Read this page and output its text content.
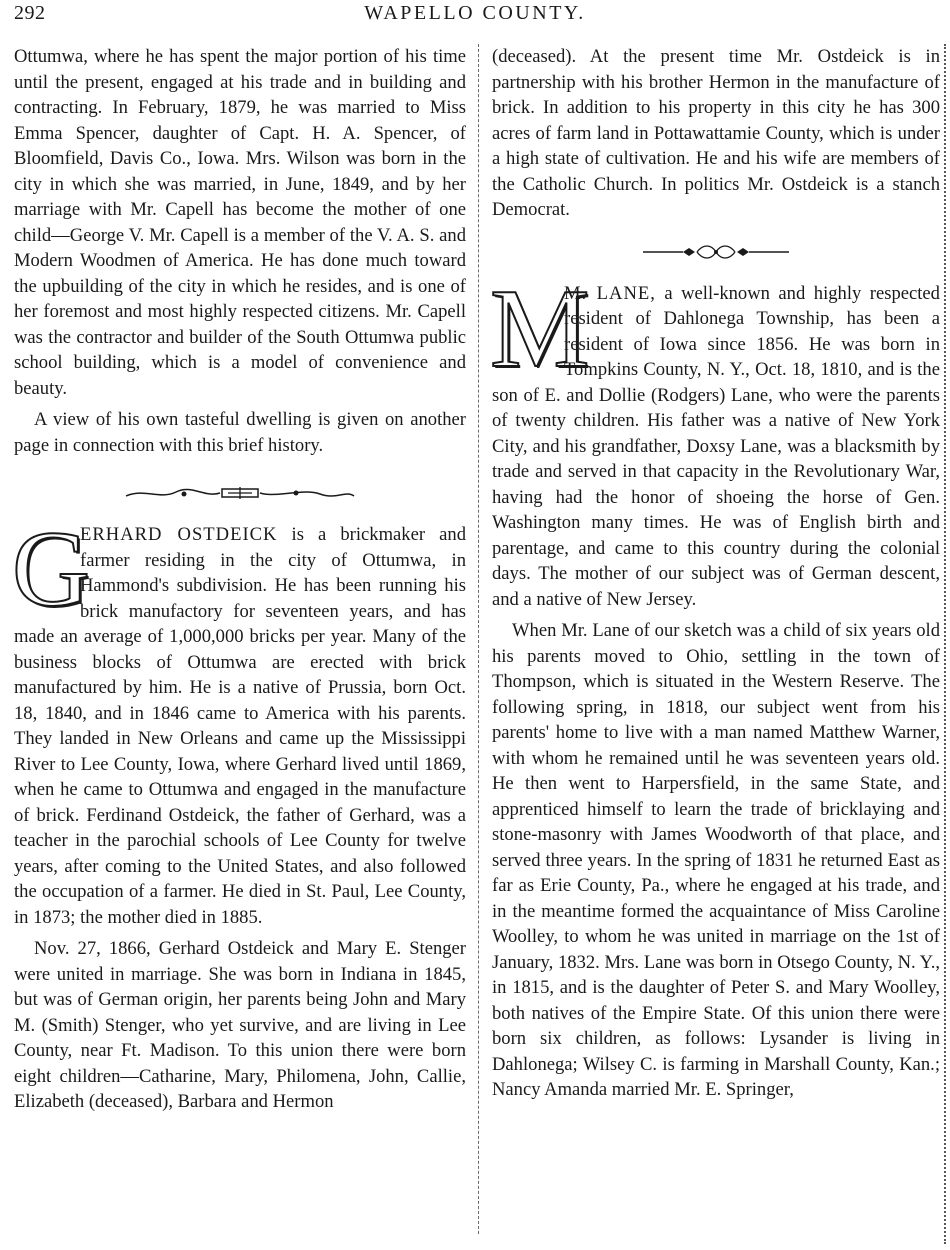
292	WAPELLO COUNTY.

Ottumwa, where he has spent the major portion of his time until the present, engaged at his trade and in building and contracting. In February, 1879, he was married to Miss Emma Spencer, daughter of Capt. H. A. Spencer, of Bloomfield, Davis Co., Iowa. Mrs. Wilson was born in the city in which she was married, in June, 1849, and by her marriage with Mr. Capell has become the mother of one child—George V. Mr. Capell is a member of the V. A. S. and Modern Woodmen of America. He has done much toward the upbuilding of the city in which he resides, and is one of her foremost and most highly respected citizens. Mr. Capell was the contractor and builder of the South Ottumwa public school building, which is a model of convenience and beauty.

A view of his own tasteful dwelling is given on another page in connection with this brief history.

G
ERHARD OSTDEICK is a brickmaker and farmer residing in the city of Ottumwa, in Hammond's subdivision. He has been running his brick manufactory for seventeen years, and has made an average of 1,000,000 bricks per year. Many of the business blocks of Ottumwa are erected with brick manufactured by him. He is a native of Prussia, born Oct. 18, 1840, and in 1846 came to America with his parents. They landed in New Orleans and came up the Mississippi River to Lee County, Iowa, where Gerhard lived until 1869, when he came to Ottumwa and engaged in the manufacture of brick. Ferdinand Ostdeick, the father of Gerhard, was a teacher in the parochial schools of Lee County for twelve years, after coming to the United States, and also followed the occupation of a farmer. He died in St. Paul, Lee County, in 1873; the mother died in 1885.

Nov. 27, 1866, Gerhard Ostdeick and Mary E. Stenger were united in marriage. She was born in Indiana in 1845, but was of German origin, her parents being John and Mary M. (Smith) Stenger, who yet survive, and are living in Lee County, near Ft. Madison. To this union there were born eight children—Catharine, Mary, Philomena, John, Callie, Elizabeth (deceased), Barbara and Hermon

(deceased). At the present time Mr. Ostdeick is in partnership with his brother Hermon in the manufacture of brick. In addition to his property in this city he has 300 acres of farm land in Pottawattamie County, which is under a high state of cultivation. He and his wife are members of the Catholic Church. In politics Mr. Ostdeick is a stanch Democrat.

M
M. LANE, a well-known and highly respected resident of Dahlonega Township, has been a resident of Iowa since 1856. He was born in Tompkins County, N. Y., Oct. 18, 1810, and is the son of E. and Dollie (Rodgers) Lane, who were the parents of twenty children. His father was a native of New York City, and his grandfather, Doxsy Lane, was a blacksmith by trade and served in that capacity in the Revolutionary War, having had the honor of shoeing the horse of Gen. Washington many times. He was of English birth and parentage, and came to this country during the colonial days. The mother of our subject was of German descent, and a native of New Jersey.

When Mr. Lane of our sketch was a child of six years old his parents moved to Ohio, settling in the town of Thompson, which is situated in the Western Reserve. The following spring, in 1818, our subject went from his parents' home to live with a man named Matthew Warner, with whom he remained until he was seventeen years old. He then went to Harpersfield, in the same State, and apprenticed himself to learn the trade of bricklaying and stone-masonry with James Woodworth of that place, and served three years. In the spring of 1831 he returned East as far as Erie County, Pa., where he engaged at his trade, and in the meantime formed the acquaintance of Miss Caroline Woolley, to whom he was united in marriage on the 1st of January, 1832. Mrs. Lane was born in Otsego County, N. Y., in 1815, and is the daughter of Peter S. and Mary Woolley, both natives of the Empire State. Of this union there were born six children, as follows: Lysander is living in Dahlonega; Wilsey C. is farming in Marshall County, Kan.; Nancy Amanda married Mr. E. Springer,
